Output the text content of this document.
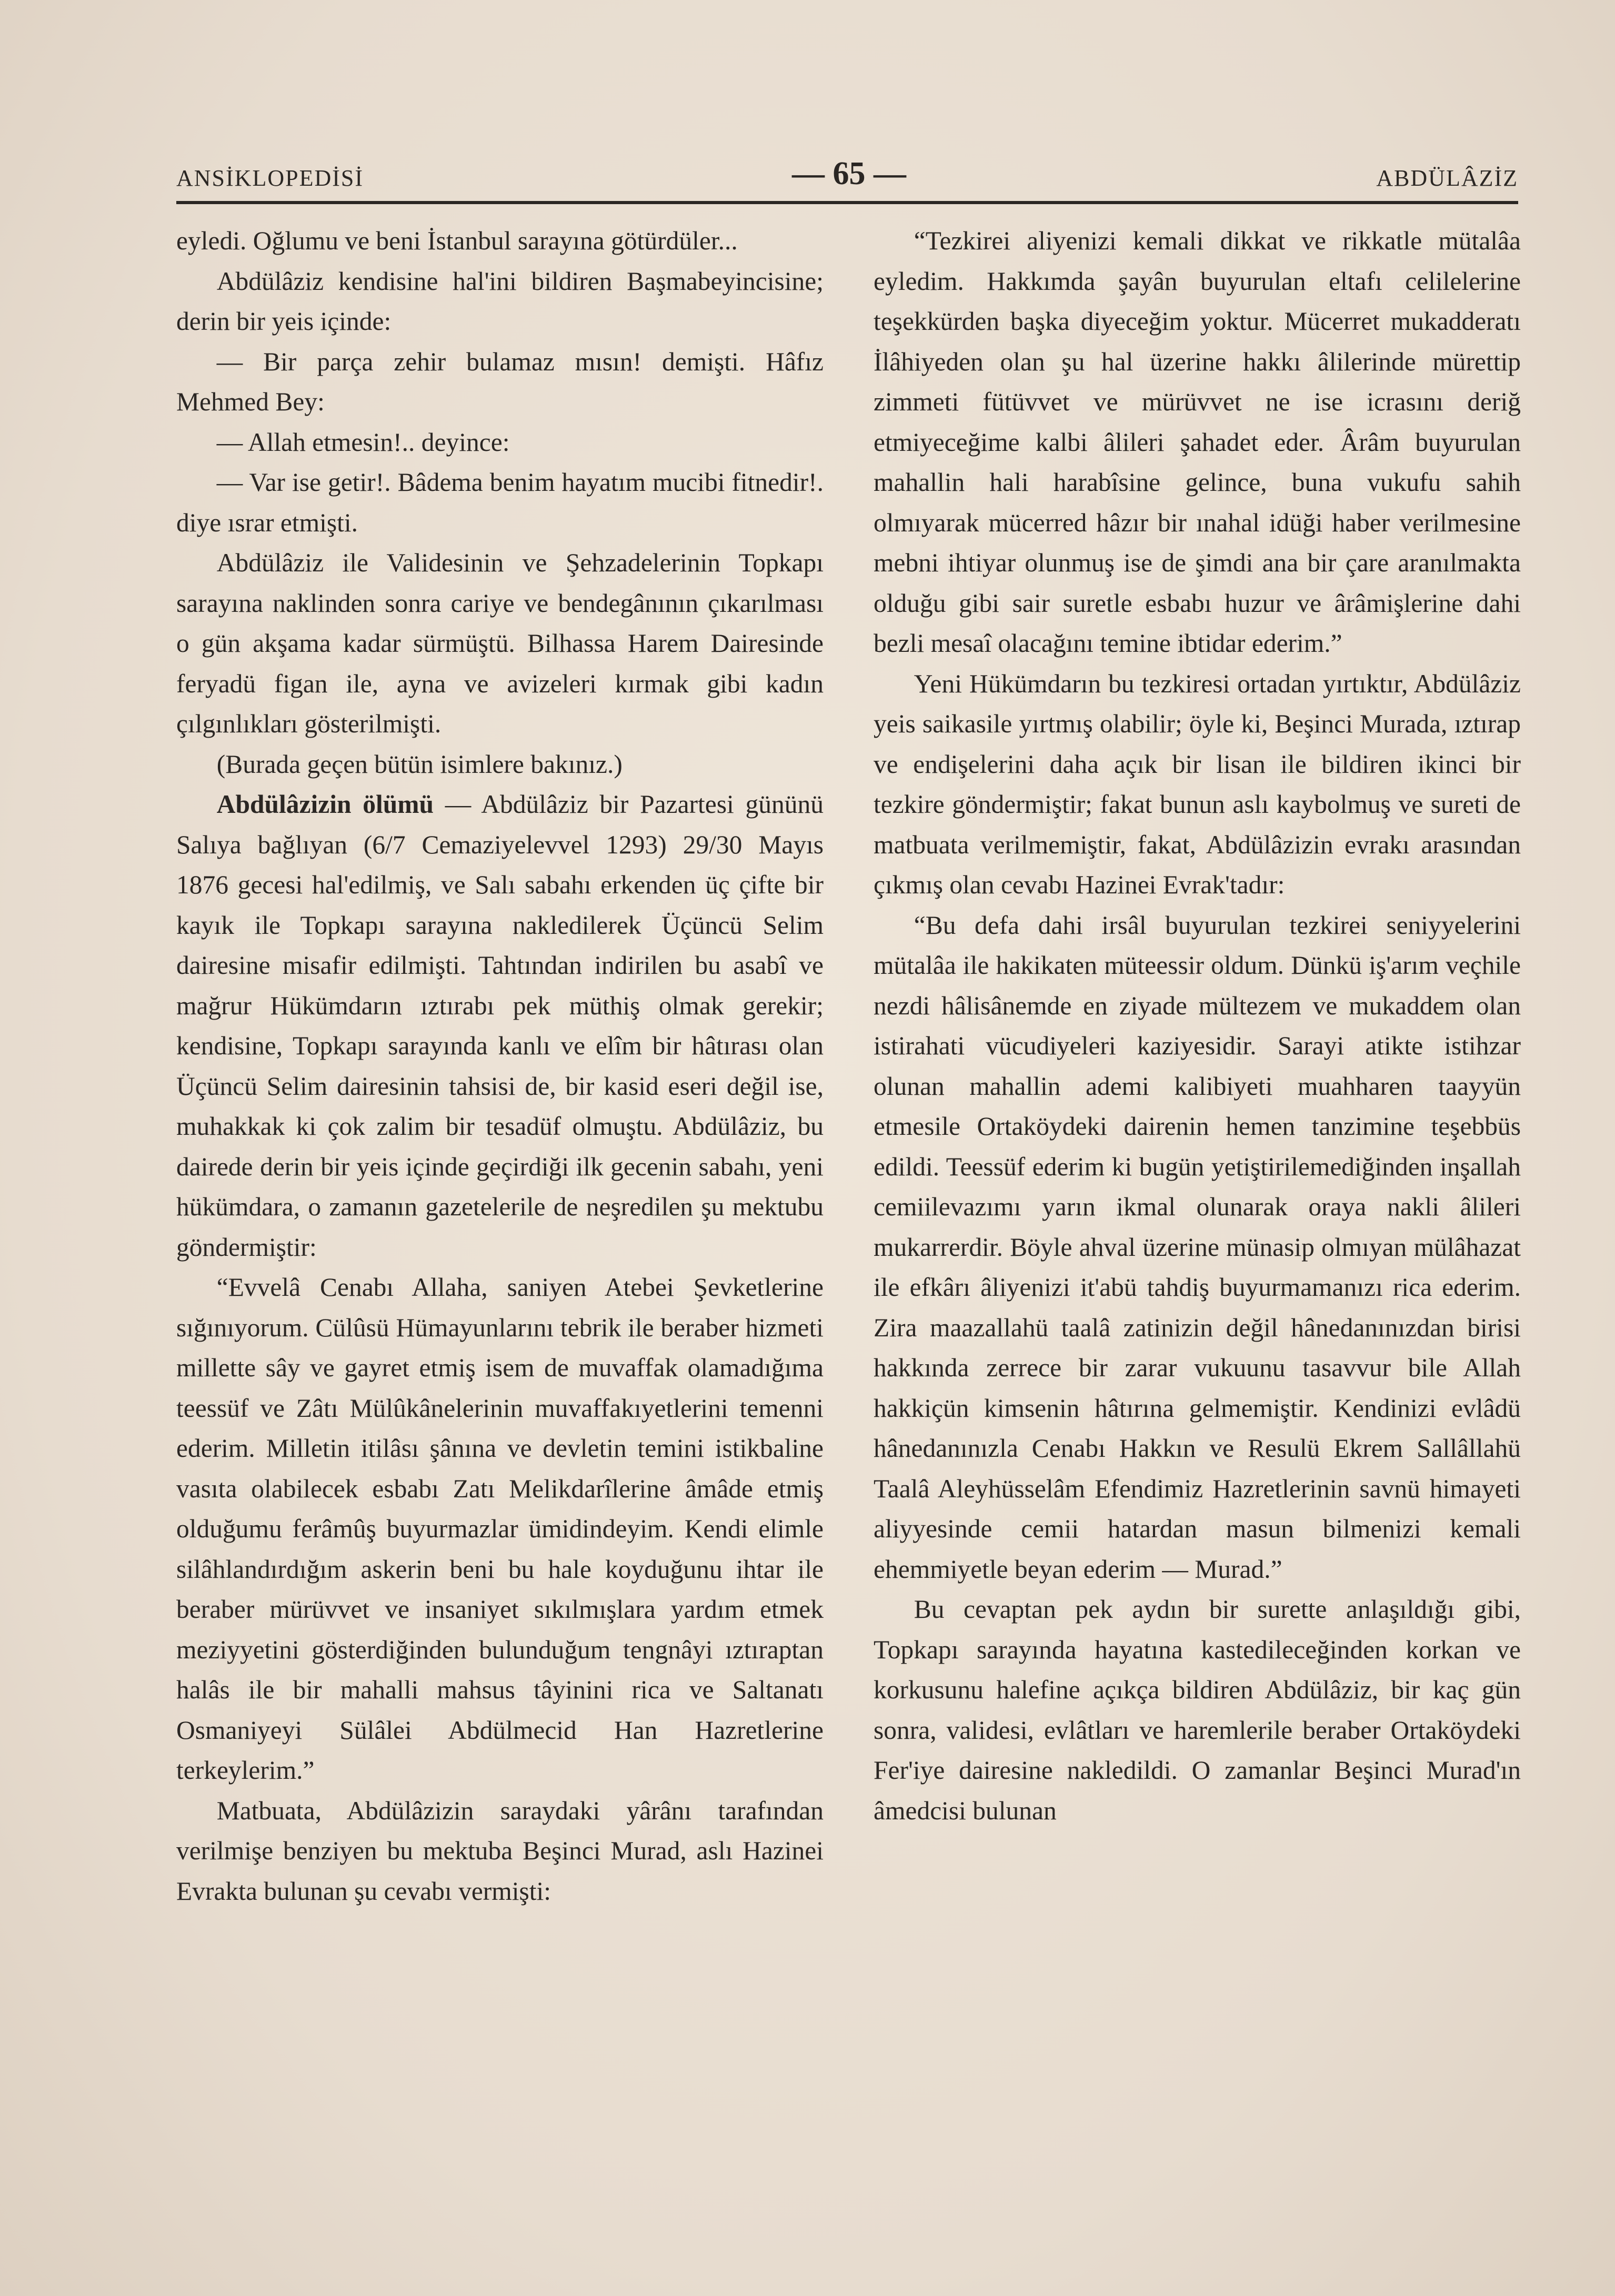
ANSİKLOPEDİSİ	— 65 —	ABDÜLÂZİZ

eyledi. Oğlumu ve beni İstanbul sarayına götürdüler...

Abdülâziz kendisine hal'ini bildiren Başmabeyincisine; derin bir yeis içinde:

— Bir parça zehir bulamaz mısın! demişti. Hâfız Mehmed Bey:

— Allah etmesin!.. deyince:

— Var ise getir!. Bâdema benim hayatım mucibi fitnedir!. diye ısrar etmişti.

Abdülâziz ile Validesinin ve Şehzadelerinin Topkapı sarayına naklinden sonra cariye ve bendegânının çıkarılması o gün akşama kadar sürmüştü. Bilhassa Harem Dairesinde feryadü figan ile, ayna ve avizeleri kırmak gibi kadın çılgınlıkları gösterilmişti.

(Burada geçen bütün isimlere bakınız.)

Abdülâzizin ölümü — Abdülâziz bir Pazartesi gününü Salıya bağlıyan (6/7 Cemaziyelevvel 1293) 29/30 Mayıs 1876 gecesi hal'edilmiş, ve Salı sabahı erkenden üç çifte bir kayık ile Topkapı sarayına nakledilerek Üçüncü Selim dairesine misafir edilmişti. Tahtından indirilen bu asabî ve mağrur Hükümdarın ıztırabı pek müthiş olmak gerekir; kendisine, Topkapı sarayında kanlı ve elîm bir hâtırası olan Üçüncü Selim dairesinin tahsisi de, bir kasid eseri değil ise, muhakkak ki çok zalim bir tesadüf olmuştu. Abdülâziz, bu dairede derin bir yeis içinde geçirdiği ilk gecenin sabahı, yeni hükümdara, o zamanın gazetelerile de neşredilen şu mektubu göndermiştir:

“Evvelâ Cenabı Allaha, saniyen Atebei Şevketlerine sığınıyorum. Cülûsü Hümayunlarını tebrik ile beraber hizmeti millette sây ve gayret etmiş isem de muvaffak olamadığıma teessüf ve Zâtı Mülûkânelerinin muvaffakıyetlerini temenni ederim. Milletin itilâsı şânına ve devletin temini istikbaline vasıta olabilecek esbabı Zatı Melikdarîlerine âmâde etmiş olduğumu ferâmûş buyurmazlar ümidindeyim. Kendi elimle silâhlandırdığım askerin beni bu hale koyduğunu ihtar ile beraber mürüvvet ve insaniyet sıkılmışlara yardım etmek meziyyetini gösterdiğinden bulunduğum tengnâyi ıztıraptan halâs ile bir mahalli mahsus tâyinini rica ve Saltanatı Osmaniyeyi Sülâlei Abdülmecid Han Hazretlerine terkeylerim.”

Matbuata, Abdülâzizin saraydaki yârânı tarafından verilmişe benziyen bu mektuba Beşinci Murad, aslı Hazinei Evrakta bulunan şu cevabı vermişti:

“Tezkirei aliyenizi kemali dikkat ve rikkatle mütalâa eyledim. Hakkımda şayân buyurulan eltafı celilelerine teşekkürden başka diyeceğim yoktur. Mücerret mukadderatı İlâhiyeden olan şu hal üzerine hakkı âlilerinde mürettip zimmeti fütüvvet ve mürüvvet ne ise icrasını deriğ etmiyeceğime kalbi âlileri şahadet eder. Ârâm buyurulan mahallin hali harabîsine gelince, buna vukufu sahih olmıyarak mücerred hâzır bir ınahal idüği haber verilmesine mebni ihtiyar olunmuş ise de şimdi ana bir çare aranılmakta olduğu gibi sair suretle esbabı huzur ve ârâmişlerine dahi bezli mesaî olacağını temine ibtidar ederim.”

Yeni Hükümdarın bu tezkiresi ortadan yırtıktır, Abdülâziz yeis saikasile yırtmış olabilir; öyle ki, Beşinci Murada, ıztırap ve endişelerini daha açık bir lisan ile bildiren ikinci bir tezkire göndermiştir; fakat bunun aslı kaybolmuş ve sureti de matbuata verilmemiştir, fakat, Abdülâzizin evrakı arasından çıkmış olan cevabı Hazinei Evrak'tadır:

“Bu defa dahi irsâl buyurulan tezkirei seniyyelerini mütalâa ile hakikaten müteessir oldum. Dünkü iş'arım veçhile nezdi hâlisânemde en ziyade mültezem ve mukaddem olan istirahati vücudiyeleri kaziyesidir. Sarayi atikte istihzar olunan mahallin ademi kalibiyeti muahharen taayyün etmesile Ortaköydeki dairenin hemen tanzimine teşebbüs edildi. Teessüf ederim ki bugün yetiştirilemediğinden inşallah cemiilevazımı yarın ikmal olunarak oraya nakli âlileri mukarrerdir. Böyle ahval üzerine münasip olmıyan mülâhazat ile efkârı âliyenizi it'abü tahdiş buyurmamanızı rica ederim. Zira maazallahü taalâ zatinizin değil hânedanınızdan birisi hakkında zerrece bir zarar vukuunu tasavvur bile Allah hakkiçün kimsenin hâtırına gelmemiştir. Kendinizi evlâdü hânedanınızla Cenabı Hakkın ve Resulü Ekrem Sallâllahü Taalâ Aleyhüsselâm Efendimiz Hazretlerinin savnü himayeti aliyyesinde cemii hatardan masun bilmenizi kemali ehemmiyetle beyan ederim — Murad.”

Bu cevaptan pek aydın bir surette anlaşıldığı gibi, Topkapı sarayında hayatına kastedileceğinden korkan ve korkusunu halefine açıkça bildiren Abdülâziz, bir kaç gün sonra, validesi, evlâtları ve haremlerile beraber Ortaköydeki Fer'iye dairesine nakledildi. O zamanlar Beşinci Murad'ın âmedcisi bulunan
